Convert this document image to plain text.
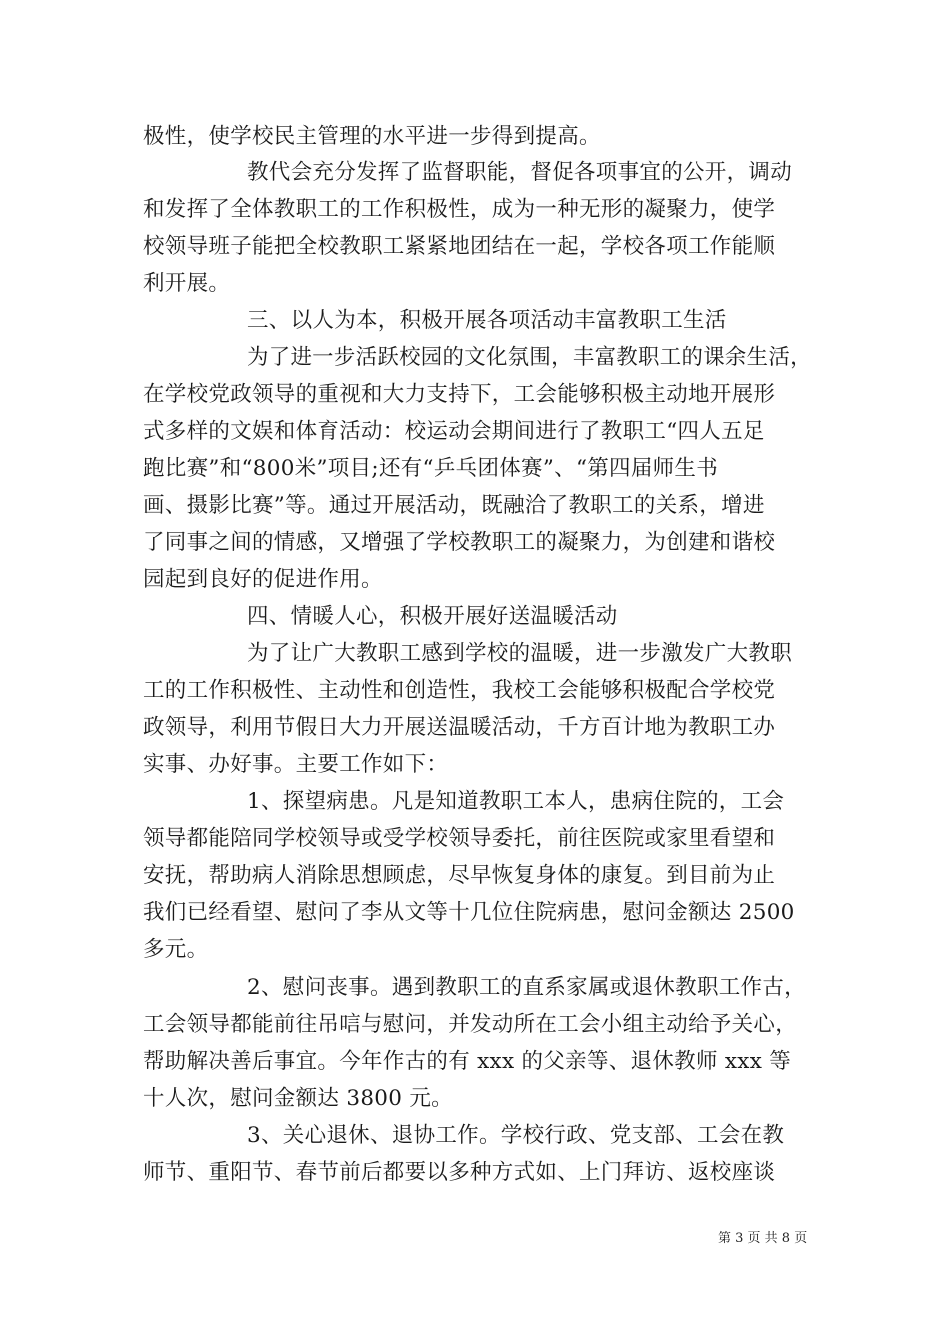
极性，使学校民主管理的水平进一步得到提高。
教代会充分发挥了监督职能，督促各项事宜的公开，调动
和发挥了全体教职工的工作积极性，成为一种无形的凝聚力，使学
校领导班子能把全校教职工紧紧地团结在一起，学校各项工作能顺
利开展。
三、以人为本，积极开展各项活动丰富教职工生活
为了进一步活跃校园的文化氛围，丰富教职工的课余生活，
在学校党政领导的重视和大力支持下，工会能够积极主动地开展形
式多样的文娱和体育活动：校运动会期间进行了教职工“四人五足
跑比赛”和“800米”项目;还有“乒乓团体赛”、“第四届师生书
画、摄影比赛”等。通过开展活动，既融洽了教职工的关系，增进
了同事之间的情感，又增强了学校教职工的凝聚力，为创建和谐校
园起到良好的促进作用。
四、情暖人心，积极开展好送温暖活动
为了让广大教职工感到学校的温暖，进一步激发广大教职
工的工作积极性、主动性和创造性，我校工会能够积极配合学校党
政领导，利用节假日大力开展送温暖活动，千方百计地为教职工办
实事、办好事。主要工作如下：
1、探望病患。凡是知道教职工本人，患病住院的，工会
领导都能陪同学校领导或受学校领导委托，前往医院或家里看望和
安抚，帮助病人消除思想顾虑，尽早恢复身体的康复。到目前为止
我们已经看望、慰问了李从文等十几位住院病患，慰问金额达 2500
多元。
2、慰问丧事。遇到教职工的直系家属或退休教职工作古，
工会领导都能前往吊唁与慰问，并发动所在工会小组主动给予关心，
帮助解决善后事宜。今年作古的有 xxx 的父亲等、退休教师 xxx 等
十人次，慰问金额达 3800 元。
3、关心退休、退协工作。学校行政、党支部、工会在教
师节、重阳节、春节前后都要以多种方式如、上门拜访、返校座谈
第 3 页 共 8 页
